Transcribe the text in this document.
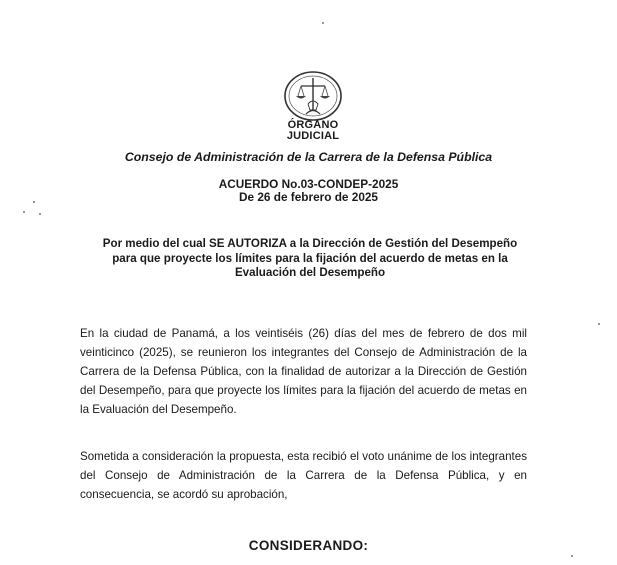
ÓRGANO
JUDICIAL
Consejo de Administración de la Carrera de la Defensa Pública
ACUERDO No.03-CONDEP-2025
De 26 de febrero de 2025
Por medio del cual SE AUTORIZA a la Dirección de Gestión del Desempeño para que proyecte los límites para la fijación del acuerdo de metas en la Evaluación del Desempeño
En la ciudad de Panamá, a los veintiséis (26) días del mes de febrero de dos mil veinticinco (2025), se reunieron los integrantes del Consejo de Administración de la Carrera de la Defensa Pública, con la finalidad de autorizar a la Dirección de Gestión del Desempeño, para que proyecte los límites para la fijación del acuerdo de metas en la Evaluación del Desempeño.
Sometida a consideración la propuesta, esta recibió el voto unánime de los integrantes del Consejo de Administración de la Carrera de la Defensa Pública, y en consecuencia, se acordó su aprobación,
CONSIDERANDO:
